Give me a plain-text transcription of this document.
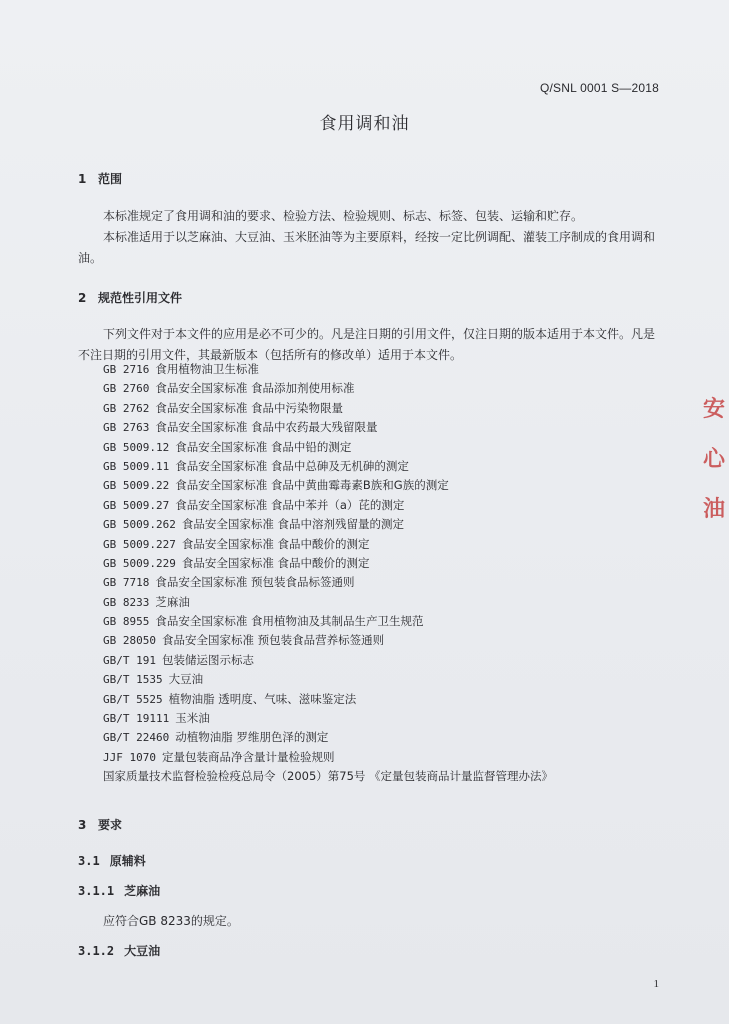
Q/SNL 0001 S—2018
食用调和油
1 范围
本标准规定了食用调和油的要求、检验方法、检验规则、标志、标签、包装、运输和贮存。
本标准适用于以芝麻油、大豆油、玉米胚油等为主要原料，经按一定比例调配、灌装工序制成的食用调和油。
2 规范性引用文件
下列文件对于本文件的应用是必不可少的。凡是注日期的引用文件，仅注日期的版本适用于本文件。凡是不注日期的引用文件，其最新版本（包括所有的修改单）适用于本文件。
GB 2716 食用植物油卫生标准
GB 2760 食品安全国家标准 食品添加剂使用标准
GB 2762 食品安全国家标准 食品中污染物限量
GB 2763 食品安全国家标准 食品中农药最大残留限量
GB 5009.12 食品安全国家标准 食品中铅的测定
GB 5009.11 食品安全国家标准 食品中总砷及无机砷的测定
GB 5009.22 食品安全国家标准 食品中黄曲霉毒素B族和G族的测定
GB 5009.27 食品安全国家标准 食品中苯并（a）芘的测定
GB 5009.262 食品安全国家标准 食品中溶剂残留量的测定
GB 5009.227 食品安全国家标准 食品中酸价的测定
GB 5009.229 食品安全国家标准 食品中酸价的测定
GB 7718 食品安全国家标准 预包装食品标签通则
GB 8233 芝麻油
GB 8955 食品安全国家标准 食用植物油及其制品生产卫生规范
GB 28050 食品安全国家标准 预包装食品营养标签通则
GB/T 191 包装储运图示标志
GB/T 1535 大豆油
GB/T 5525 植物油脂 透明度、气味、滋味鉴定法
GB/T 19111 玉米油
GB/T 22460 动植物油脂 罗维朋色泽的测定
JJF 1070 定量包装商品净含量计量检验规则
国家质量技术监督检验检疫总局令（2005）第75号 《定量包装商品计量监督管理办法》
3 要求
3.1 原辅料
3.1.1 芝麻油
应符合GB 8233的规定。
3.1.2 大豆油
1
安
心
油
